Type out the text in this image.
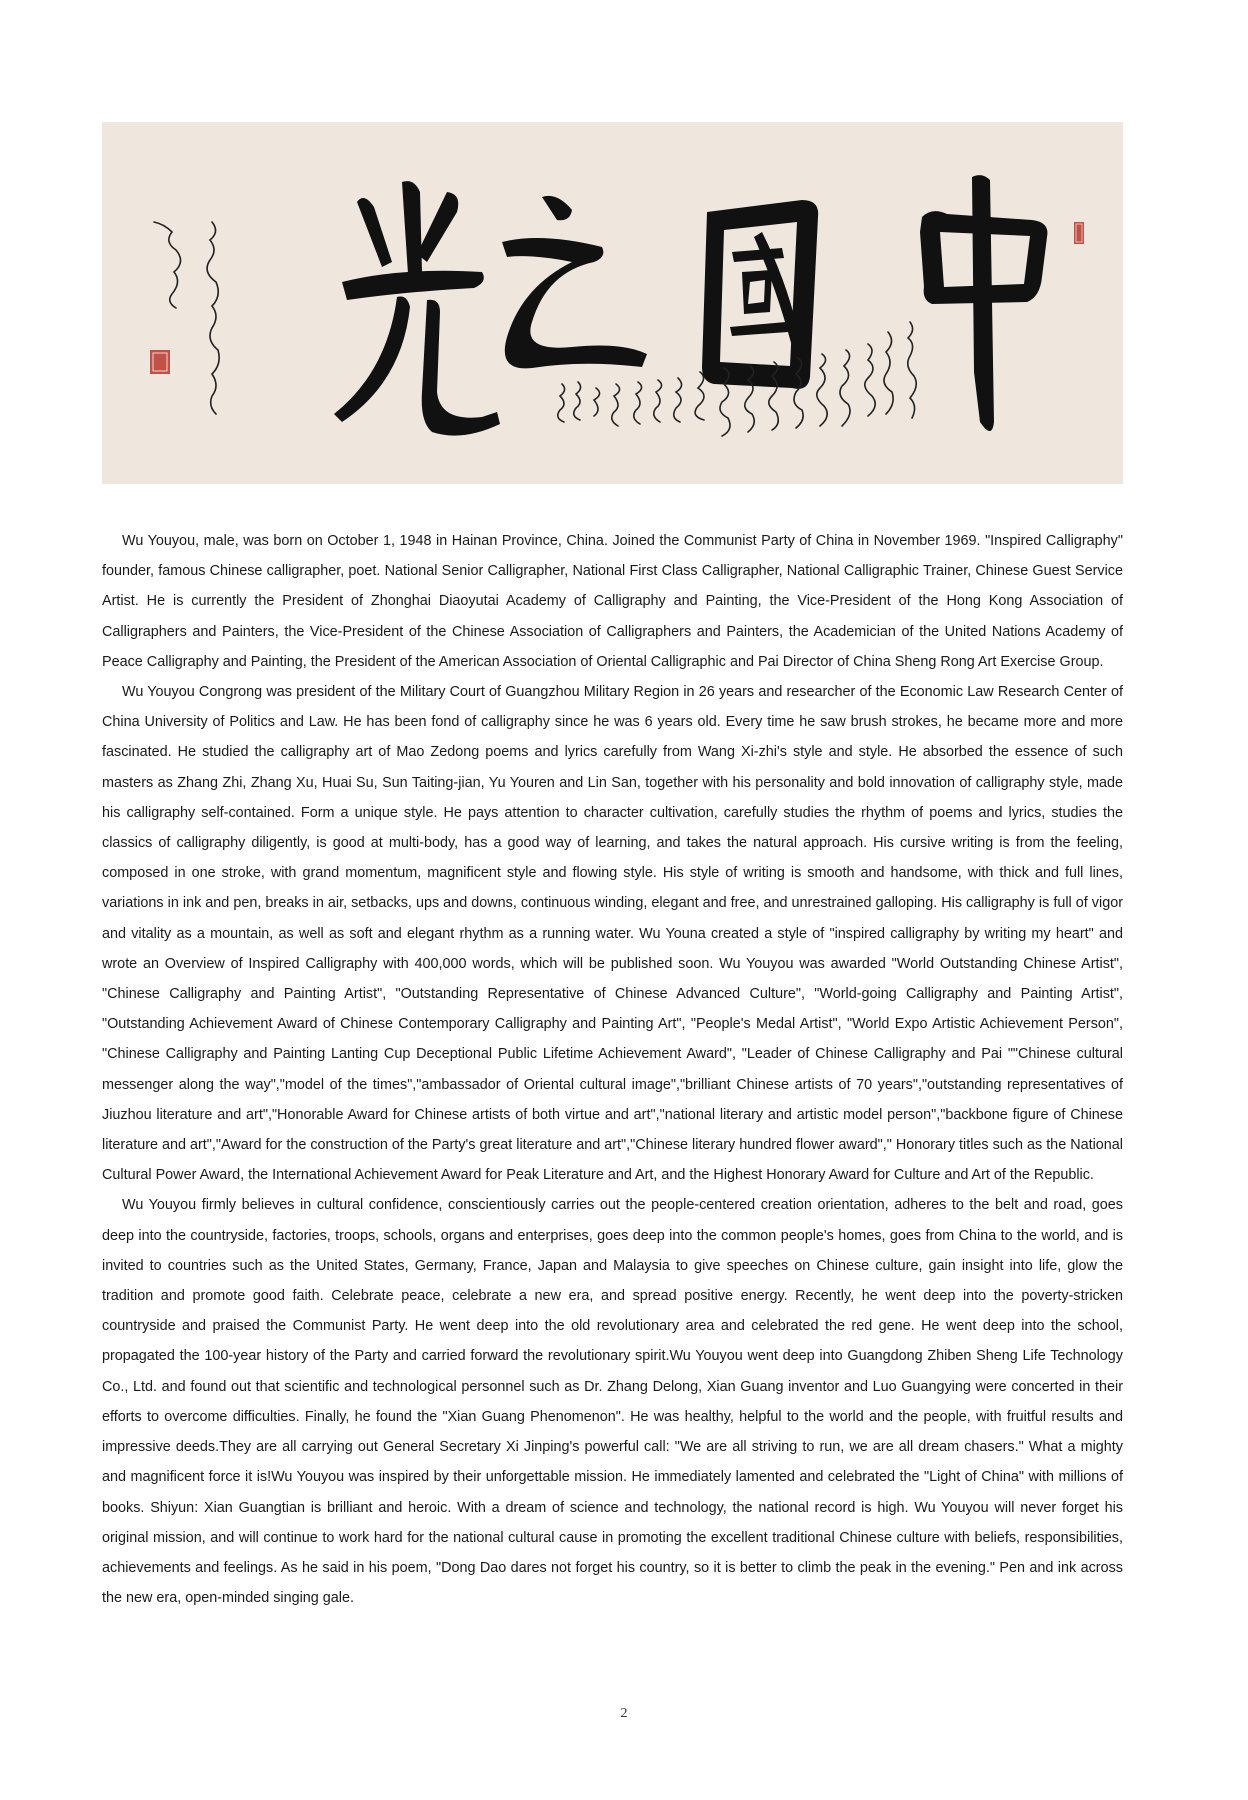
Wu Youyou, male, was born on October 1, 1948 in Hainan Province, China. Joined the Communist Party of China in November 1969. "Inspired Calligraphy" founder, famous Chinese calligrapher, poet. National Senior Calligrapher, National First Class Calligrapher, National Calligraphic Trainer, Chinese Guest Service Artist. He is currently the President of Zhonghai Diaoyutai Academy of Calligraphy and Painting, the Vice-President of the Hong Kong Association of Calligraphers and Painters, the Vice-President of the Chinese Association of Calligraphers and Painters, the Academician of the United Nations Academy of Peace Calligraphy and Painting, the President of the American Association of Oriental Calligraphic and Pai Director of China Sheng Rong Art Exercise Group.

Wu Youyou Congrong was president of the Military Court of Guangzhou Military Region in 26 years and researcher of the Economic Law Research Center of China University of Politics and Law. He has been fond of calligraphy since he was 6 years old. Every time he saw brush strokes, he became more and more fascinated. He studied the calligraphy art of Mao Zedong poems and lyrics carefully from Wang Xi-zhi's style and style. He absorbed the essence of such masters as Zhang Zhi, Zhang Xu, Huai Su, Sun Taiting-jian, Yu Youren and Lin San, together with his personality and bold innovation of calligraphy style, made his calligraphy self-contained. Form a unique style. He pays attention to character cultivation, carefully studies the rhythm of poems and lyrics, studies the classics of calligraphy diligently, is good at multi-body, has a good way of learning, and takes the natural approach. His cursive writing is from the feeling, composed in one stroke, with grand momentum, magnificent style and flowing style. His style of writing is smooth and handsome, with thick and full lines, variations in ink and pen, breaks in air, setbacks, ups and downs, continuous winding, elegant and free, and unrestrained galloping. His calligraphy is full of vigor and vitality as a mountain, as well as soft and elegant rhythm as a running water. Wu Youna created a style of "inspired calligraphy by writing my heart" and wrote an Overview of Inspired Calligraphy with 400,000 words, which will be published soon. Wu Youyou was awarded "World Outstanding Chinese Artist", "Chinese Calligraphy and Painting Artist", "Outstanding Representative of Chinese Advanced Culture", "World-going Calligraphy and Painting Artist", "Outstanding Achievement Award of Chinese Contemporary Calligraphy and Painting Art", "People's Medal Artist", "World Expo Artistic Achievement Person", "Chinese Calligraphy and Painting Lanting Cup Deceptional Public Lifetime Achievement Award", "Leader of Chinese Calligraphy and Pai ""Chinese cultural messenger along the way","model of the times","ambassador of Oriental cultural image","brilliant Chinese artists of 70 years","outstanding representatives of Jiuzhou literature and art","Honorable Award for Chinese artists of both virtue and art","national literary and artistic model person","backbone figure of Chinese literature and art","Award for the construction of the Party's great literature and art","Chinese literary hundred flower award"," Honorary titles such as the National Cultural Power Award, the International Achievement Award for Peak Literature and Art, and the Highest Honorary Award for Culture and Art of the Republic.

Wu Youyou firmly believes in cultural confidence, conscientiously carries out the people-centered creation orientation, adheres to the belt and road, goes deep into the countryside, factories, troops, schools, organs and enterprises, goes deep into the common people's homes, goes from China to the world, and is invited to countries such as the United States, Germany, France, Japan and Malaysia to give speeches on Chinese culture, gain insight into life, glow the tradition and promote good faith. Celebrate peace, celebrate a new era, and spread positive energy. Recently, he went deep into the poverty-stricken countryside and praised the Communist Party. He went deep into the old revolutionary area and celebrated the red gene. He went deep into the school, propagated the 100-year history of the Party and carried forward the revolutionary spirit.Wu Youyou went deep into Guangdong Zhiben Sheng Life Technology Co., Ltd. and found out that scientific and technological personnel such as Dr. Zhang Delong, Xian Guang inventor and Luo Guangying were concerted in their efforts to overcome difficulties. Finally, he found the "Xian Guang Phenomenon". He was healthy, helpful to the world and the people, with fruitful results and impressive deeds.They are all carrying out General Secretary Xi Jinping's powerful call: "We are all striving to run, we are all dream chasers." What a mighty and magnificent force it is!Wu Youyou was inspired by their unforgettable mission. He immediately lamented and celebrated the "Light of China" with millions of books. Shiyun: Xian Guangtian is brilliant and heroic. With a dream of science and technology, the national record is high. Wu Youyou will never forget his original mission, and will continue to work hard for the national cultural cause in promoting the excellent traditional Chinese culture with beliefs, responsibilities, achievements and feelings. As he said in his poem, "Dong Dao dares not forget his country, so it is better to climb the peak in the evening." Pen and ink across the new era, open-minded singing gale.

2
